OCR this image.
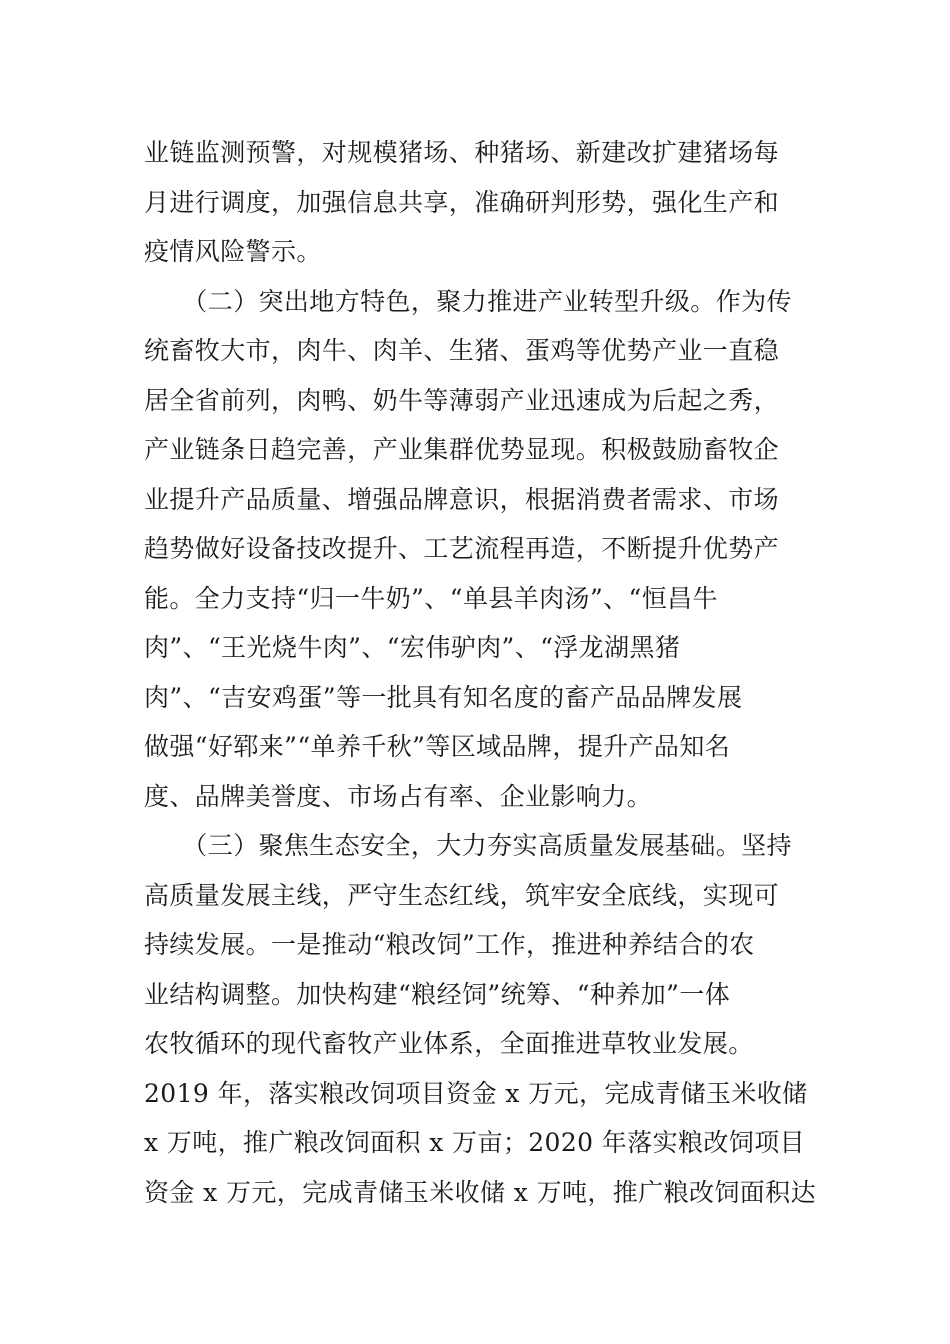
业链监测预警，对规模猪场、种猪场、新建改扩建猪场每
月进行调度，加强信息共享，准确研判形势，强化生产和
疫情风险警示。
　　（二）突出地方特色，聚力推进产业转型升级。作为传
统畜牧大市，肉牛、肉羊、生猪、蛋鸡等优势产业一直稳
居全省前列，肉鸭、奶牛等薄弱产业迅速成为后起之秀，
产业链条日趋完善，产业集群优势显现。积极鼓励畜牧企
业提升产品质量、增强品牌意识，根据消费者需求、市场
趋势做好设备技改提升、工艺流程再造，不断提升优势产
能。全力支持“归一牛奶”、“单县羊肉汤”、“恒昌牛
肉”、“王光烧牛肉”、“宏伟驴肉”、“浮龙湖黑猪
肉”、“吉安鸡蛋”等一批具有知名度的畜产品品牌发展
做强“好郓来”“单养千秋”等区域品牌，提升产品知名
度、品牌美誉度、市场占有率、企业影响力。
　　（三）聚焦生态安全，大力夯实高质量发展基础。坚持
高质量发展主线，严守生态红线，筑牢安全底线，实现可
持续发展。一是推动“粮改饲”工作，推进种养结合的农
业结构调整。加快构建“粮经饲”统筹、“种养加”一体
农牧循环的现代畜牧产业体系，全面推进草牧业发展。
2019 年，落实粮改饲项目资金 x 万元，完成青储玉米收储
x 万吨，推广粮改饲面积 x 万亩；2020 年落实粮改饲项目
资金 x 万元，完成青储玉米收储 x 万吨，推广粮改饲面积达
